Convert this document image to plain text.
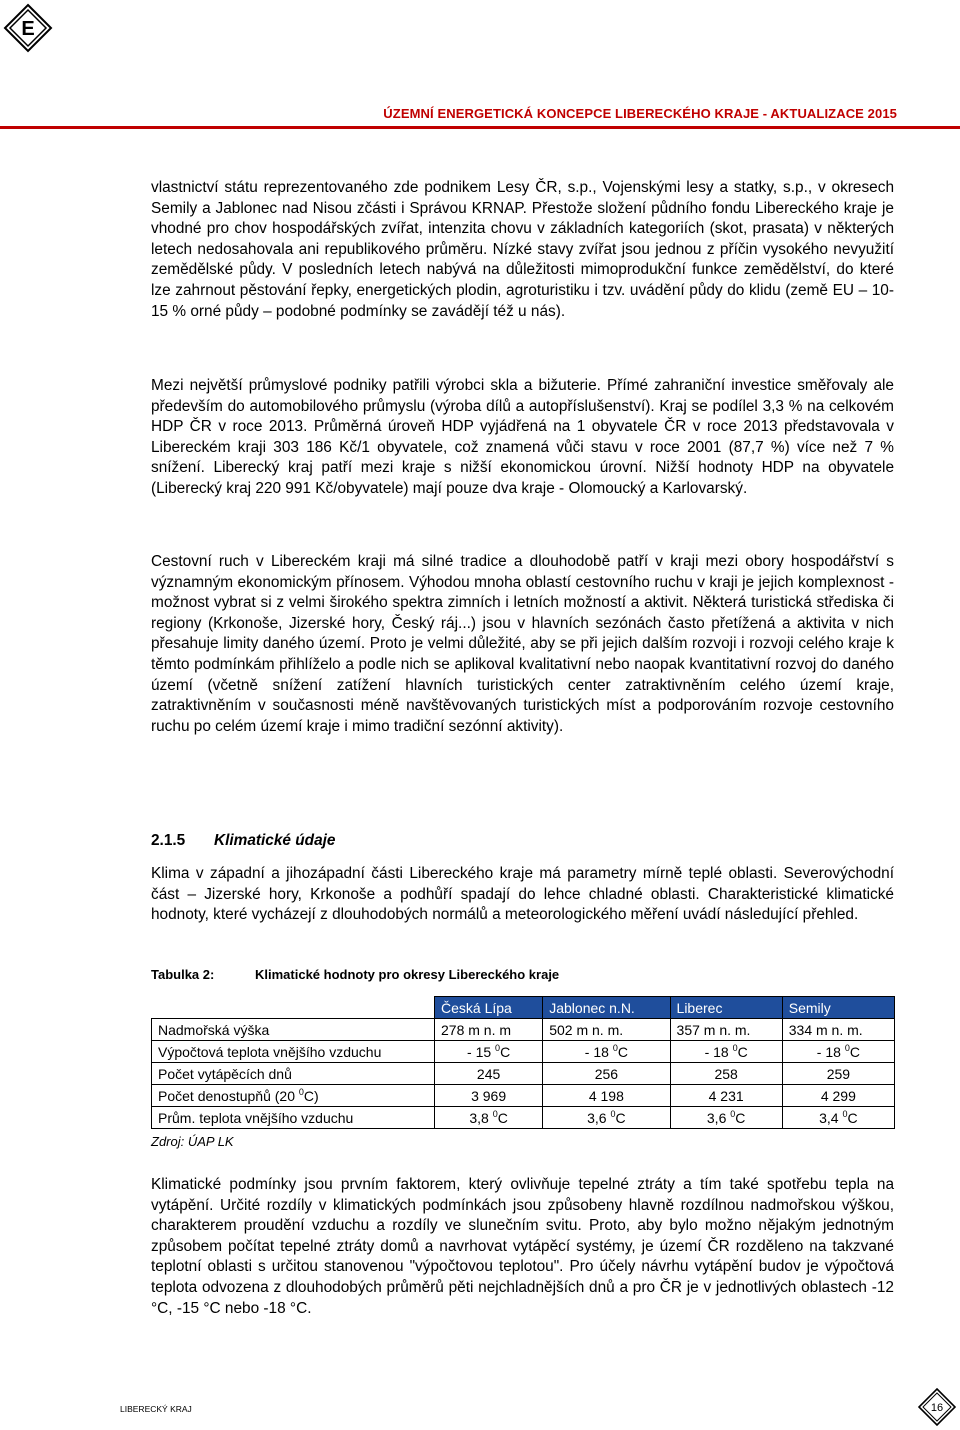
E
ÚZEMNÍ ENERGETICKÁ KONCEPCE LIBERECKÉHO KRAJE - AKTUALIZACE 2015

vlastnictví státu reprezentovaného zde podnikem Lesy ČR, s.p., Vojenskými lesy a statky, s.p., v okresech Semily a Jablonec nad Nisou zčásti i Správou KRNAP. Přestože složení půdního fondu Libereckého kraje je vhodné pro chov hospodářských zvířat, intenzita chovu v základních kategoriích (skot, prasata) v některých letech nedosahovala ani republikového průměru. Nízké stavy zvířat jsou jednou z příčin vysokého nevyužití zemědělské půdy. V posledních letech nabývá na důležitosti mimoprodukční funkce zemědělství, do které lze zahrnout pěstování řepky, energetických plodin, agroturistiku i tzv. uvádění půdy do klidu (země EU – 10-15 % orné půdy – podobné podmínky se zavádějí též u nás).

Mezi největší průmyslové podniky patřili výrobci skla a bižuterie. Přímé zahraniční investice směřovaly ale především do automobilového průmyslu (výroba dílů a autopříslušenství). Kraj se podílel 3,3 % na celkovém HDP ČR v roce 2013. Průměrná úroveň HDP vyjádřená na 1 obyvatele ČR v roce 2013 představovala v Libereckém kraji 303 186 Kč/1 obyvatele, což znamená vůči stavu v roce 2001 (87,7 %) více než 7 % snížení. Liberecký kraj patří mezi kraje s nižší ekonomickou úrovní. Nižší hodnoty HDP na obyvatele (Liberecký kraj 220 991 Kč/obyvatele) mají pouze dva kraje - Olomoucký a Karlovarský.

Cestovní ruch v Libereckém kraji má silné tradice a dlouhodobě patří v kraji mezi obory hospodářství s významným ekonomickým přínosem. Výhodou mnoha oblastí cestovního ruchu v kraji je jejich komplexnost - možnost vybrat si z velmi širokého spektra zimních i letních možností a aktivit. Některá turistická střediska či regiony (Krkonoše, Jizerské hory, Český ráj...) jsou v hlavních sezónách často přetížená a aktivita v nich přesahuje limity daného území. Proto je velmi důležité, aby se při jejich dalším rozvoji i rozvoji celého kraje k těmto podmínkám přihlíželo a podle nich se aplikoval kvalitativní nebo naopak kvantitativní rozvoj do daného území (včetně snížení zatížení hlavních turistických center zatraktivněním celého území kraje, zatraktivněním v současnosti méně navštěvovaných turistických míst a podporováním rozvoje cestovního ruchu po celém území kraje i mimo tradiční sezónní aktivity).

2.1.5 Klimatické údaje

Klima v západní a jihozápadní části Libereckého kraje má parametry mírně teplé oblasti. Severovýchodní část – Jizerské hory, Krkonoše a podhůří spadají do lehce chladné oblasti. Charakteristické klimatické hodnoty, které vycházejí z dlouhodobých normálů a meteorologického měření uvádí následující přehled.

Tabulka 2:	Klimatické hodnoty pro okresy Libereckého kraje
	Česká Lípa	Jablonec n.N.	Liberec	Semily
Nadmořská výška	278 m n. m	502 m n. m.	357 m n. m.	334 m n. m.
Výpočtová teplota vnějšího vzduchu	- 15 $^0$C	- 18 $^0$C	- 18 $^0$C	- 18 $^0$C
Počet vytápěcích dnů	245	256	258	259
Počet denostupňů (20 $^0$C)	3 969	4 198	4 231	4 299
Prům. teplota vnějšího vzduchu	3,8 $^0$C	3,6 $^0$C	3,6 $^0$C	3,4 $^0$C
Zdroj: ÚAP LK

Klimatické podmínky jsou prvním faktorem, který ovlivňuje tepelné ztráty a tím také spotřebu tepla na vytápění. Určité rozdíly v klimatických podmínkách jsou způsobeny hlavně rozdílnou nadmořskou výškou, charakterem proudění vzduchu a rozdíly ve slunečním svitu. Proto, aby bylo možno nějakým jednotným způsobem počítat tepelné ztráty domů a navrhovat vytápěcí systémy, je území ČR rozděleno na takzvané teplotní oblasti s určitou stanovenou "výpočtovou teplotou". Pro účely návrhu vytápění budov je výpočtová teplota odvozena z dlouhodobých průměrů pěti nejchladnějších dnů a pro ČR je v jednotlivých oblastech -12 °C, -15 °C nebo -18 °C.

LIBERECKÝ KRAJ	16
